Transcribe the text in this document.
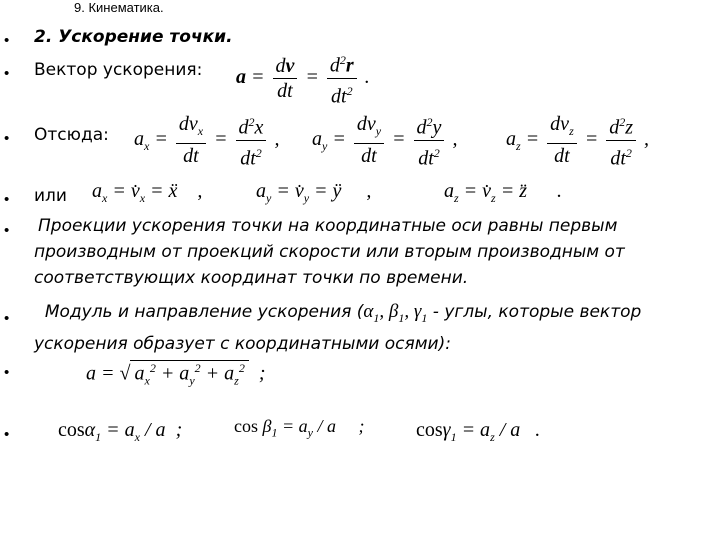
9. Кинематика.
• 2. Ускорение точки.
• Вектор ускорения: $a = \frac{dv}{dt} = \frac{d^2r}{dt^2}$ .
• Отсюда: $a_x = \frac{dv_x}{dt} = \frac{d^2x}{dt^2}$ , $a_y = \frac{dv_y}{dt} = \frac{d^2y}{dt^2}$ , $a_z = \frac{dv_z}{dt} = \frac{d^2z}{dt^2}$ ,
• или $a_x$ = $v̇_x$ = ẍ    ,	$a_y$ = $v̇_y$ = ÿ     ,	$a_z$ = $v̇_z$ = z̈      .
• Проекции ускорения точки на координатные оси равны первым производным от проекций скорости или вторым производным от соответствующих координат точки по времени.
•	Модуль и направление ускорения ($\alpha_1$, $\beta_1$, $\gamma_1$ - углы, которые вектор ускорения образует с координатными осями):
•	a = √ $a_x^2 + a_y^2 + a_z^2$ ;
• $\cos\alpha_1 = a_x / a$  ;	$\cos \beta_1 = a_y / a$     ;	$\cos\gamma_1 = a_z / a$   .
